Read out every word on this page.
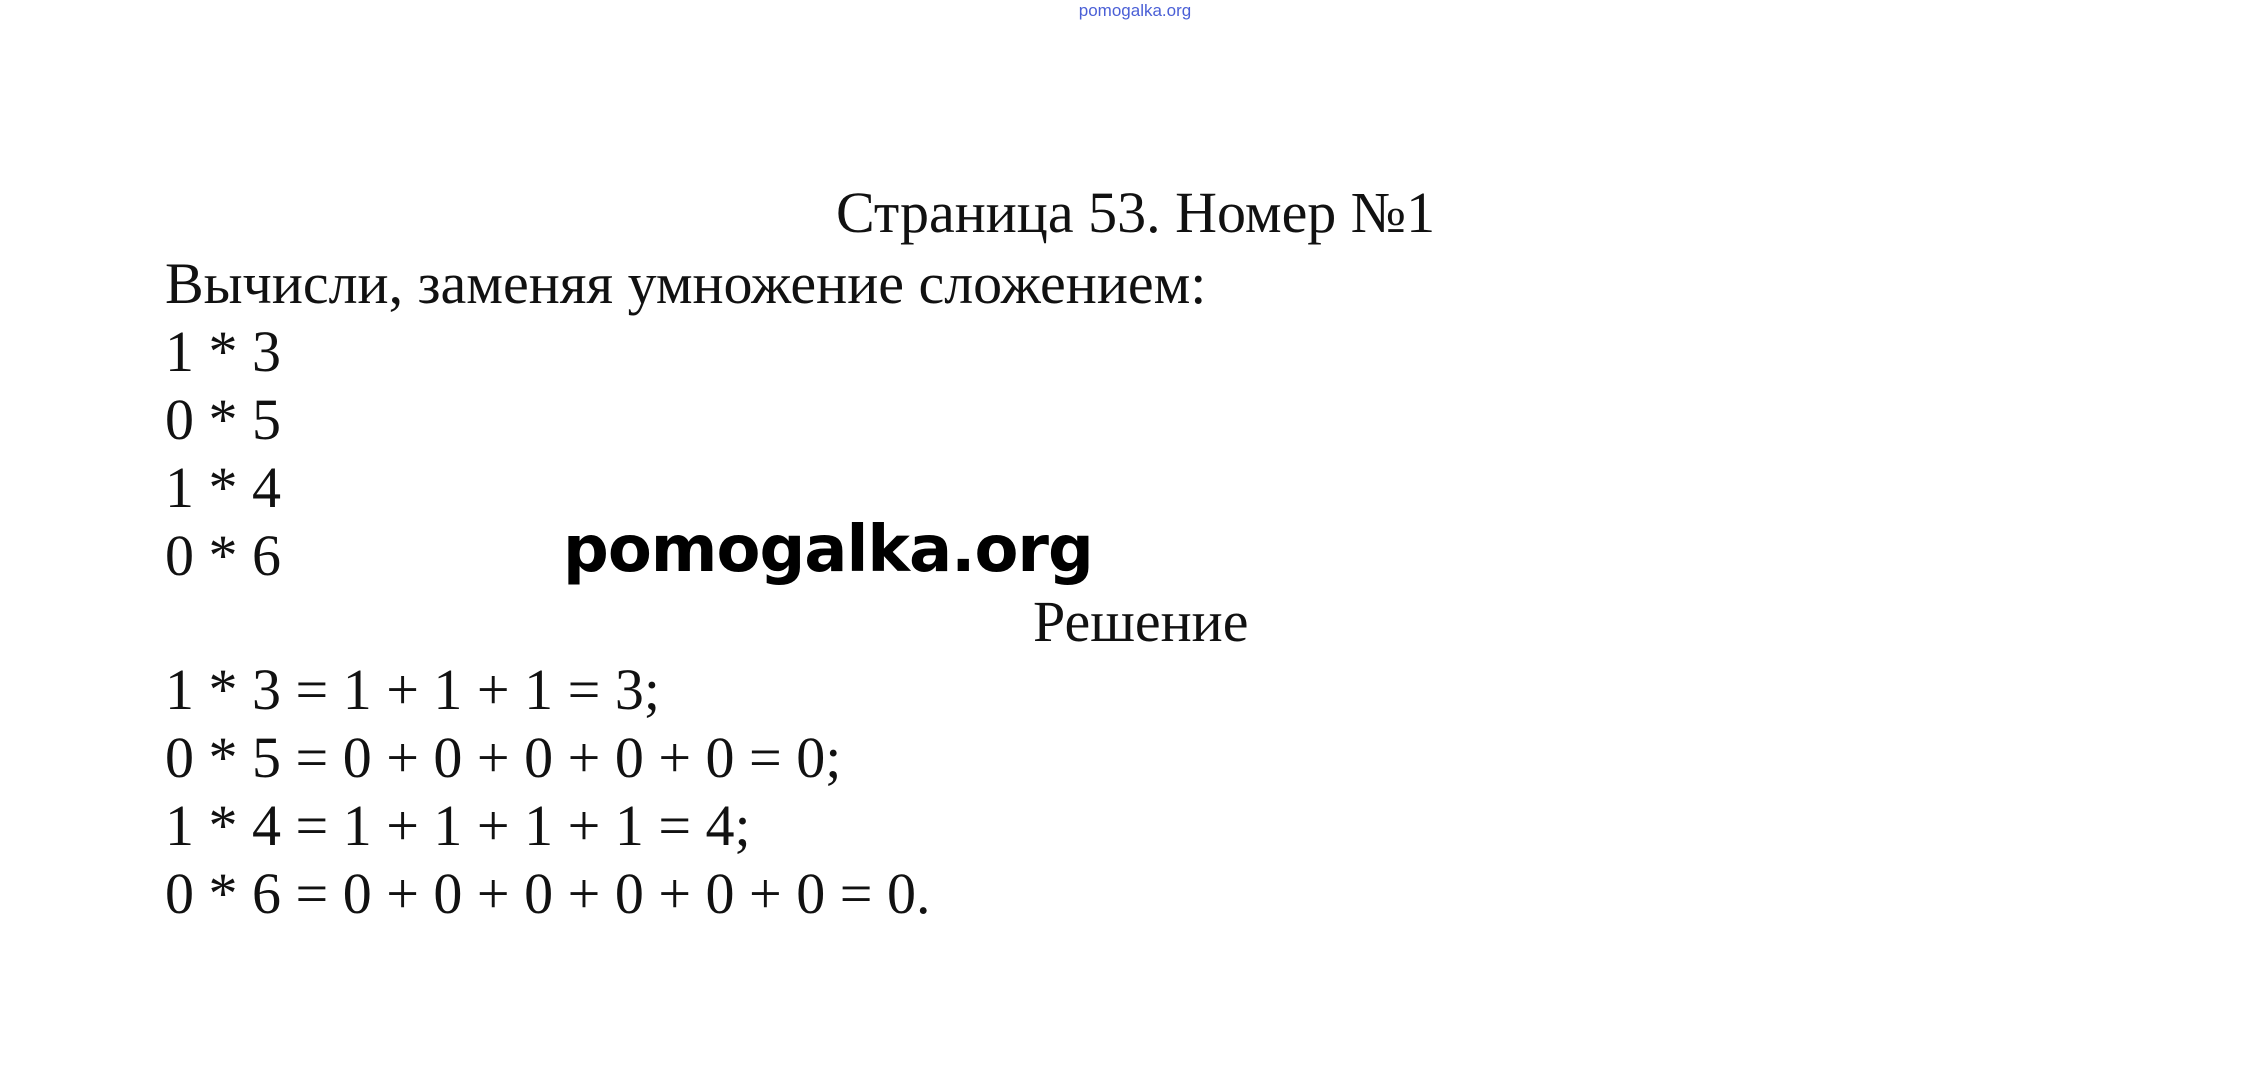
pomogalka.org
Страница 53. Номер №1
Вычисли, заменяя умножение сложением:
1 * 3
0 * 5
1 * 4
0 * 6	pomogalka.org
Решение
1 * 3 = 1 + 1 + 1 = 3;
0 * 5 = 0 + 0 + 0 + 0 + 0 = 0;
1 * 4 = 1 + 1 + 1 + 1 = 4;
0 * 6 = 0 + 0 + 0 + 0 + 0 + 0 = 0.
